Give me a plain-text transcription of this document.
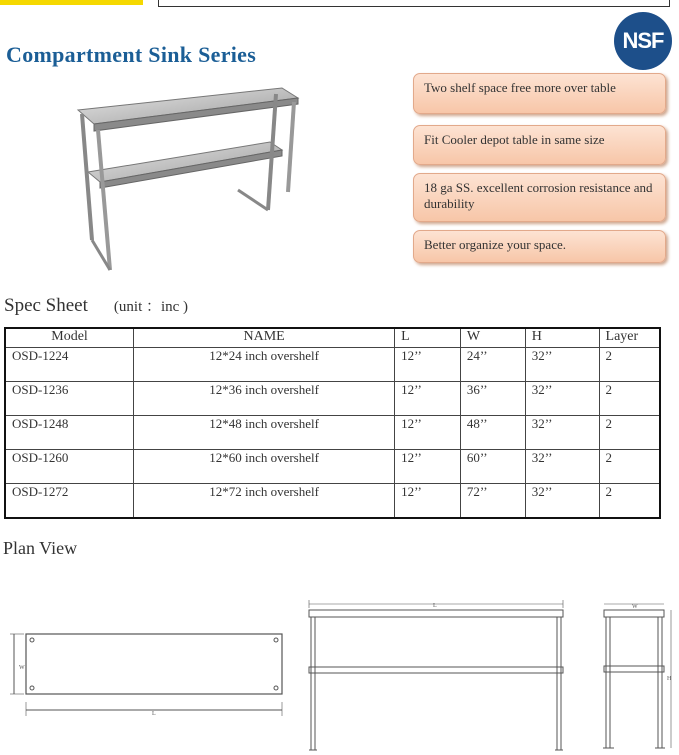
Compartment Sink Series
NSF
Two shelf space free more over table
Fit Cooler depot table in same size
18 ga SS. excellent corrosion resistance and durability
Better organize your space.
Spec Sheet (unit ：inc )
Model	NAME	L	W	H	Layer
OSD-1224	12*24 inch overshelf	12’’	24’’	32’’	2
OSD-1236	12*36 inch overshelf	12’’	36’’	32’’	2
OSD-1248	12*48 inch overshelf	12’’	48’’	32’’	2
OSD-1260	12*60 inch overshelf	12’’	60’’	32’’	2
OSD-1272	12*72 inch overshelf	12’’	72’’	32’’	2
Plan View
W
L
L	W
H
